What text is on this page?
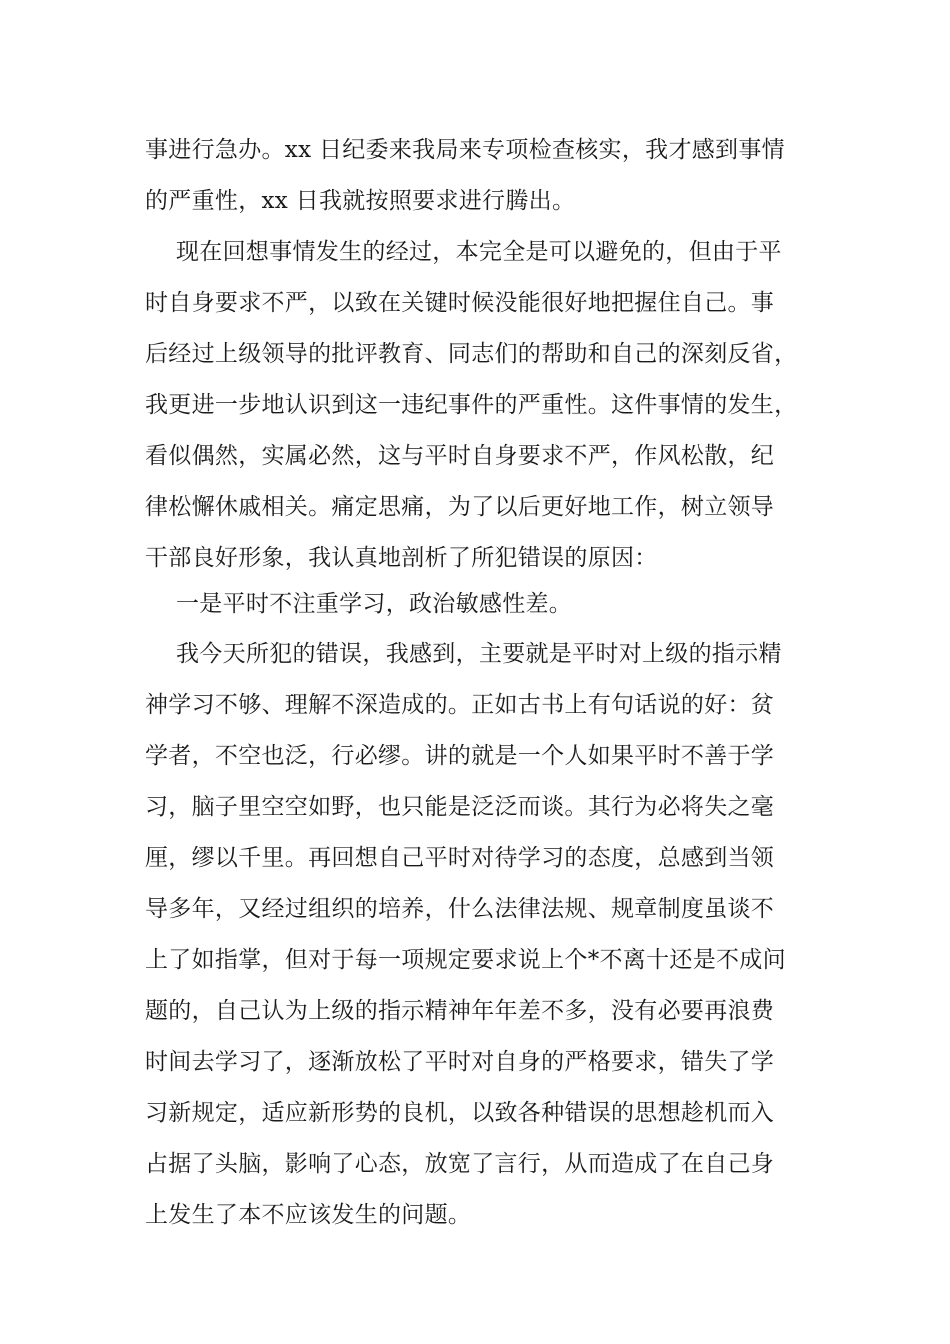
事进行急办。xx 日纪委来我局来专项检查核实，我才感到事情
的严重性，xx 日我就按照要求进行腾出。
现在回想事情发生的经过，本完全是可以避免的，但由于平
时自身要求不严，以致在关键时候没能很好地把握住自己。事
后经过上级领导的批评教育、同志们的帮助和自己的深刻反省，
我更进一步地认识到这一违纪事件的严重性。这件事情的发生，
看似偶然，实属必然，这与平时自身要求不严，作风松散，纪
律松懈休戚相关。痛定思痛，为了以后更好地工作，树立领导
干部良好形象，我认真地剖析了所犯错误的原因：
一是平时不注重学习，政治敏感性差。
我今天所犯的错误，我感到，主要就是平时对上级的指示精
神学习不够、理解不深造成的。正如古书上有句话说的好：贫
学者，不空也泛，行必缪。讲的就是一个人如果平时不善于学
习，脑子里空空如野，也只能是泛泛而谈。其行为必将失之毫
厘，缪以千里。再回想自己平时对待学习的态度，总感到当领
导多年，又经过组织的培养，什么法律法规、规章制度虽谈不
上了如指掌，但对于每一项规定要求说上个*不离十还是不成问
题的，自己认为上级的指示精神年年差不多，没有必要再浪费
时间去学习了，逐渐放松了平时对自身的严格要求，错失了学
习新规定，适应新形势的良机，以致各种错误的思想趁机而入
占据了头脑，影响了心态，放宽了言行，从而造成了在自己身
上发生了本不应该发生的问题。
